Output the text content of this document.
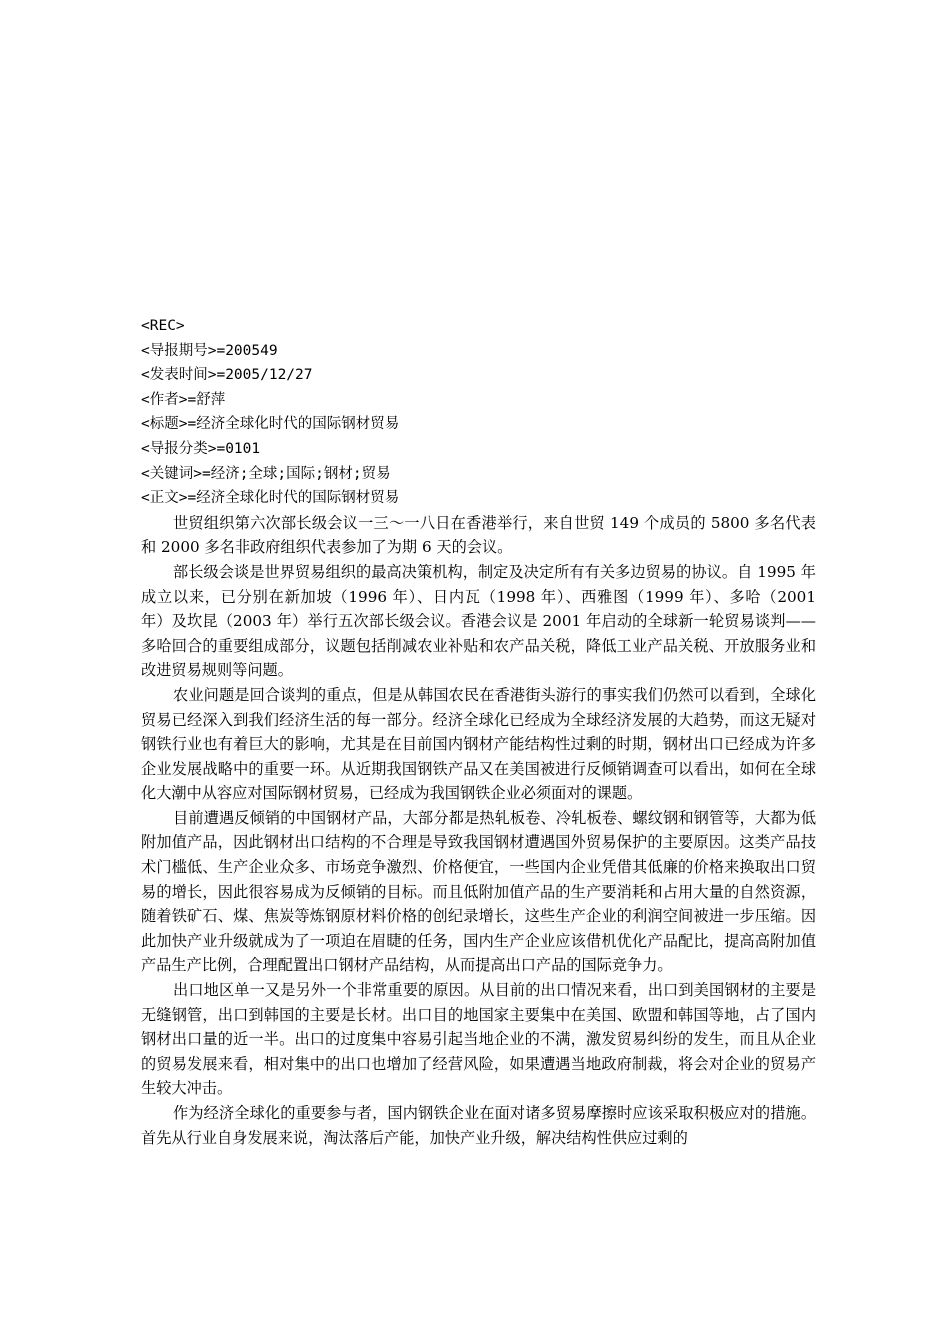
<REC>
<导报期号>=200549
<发表时间>=2005/12/27
<作者>=舒萍
<标题>=经济全球化时代的国际钢材贸易
<导报分类>=0101
<关键词>=经济;全球;国际;钢材;贸易
<正文>=经济全球化时代的国际钢材贸易

世贸组织第六次部长级会议一三～一八日在香港举行，来自世贸 149 个成员的 5800 多名代表和 2000 多名非政府组织代表参加了为期 6 天的会议。

部长级会谈是世界贸易组织的最高决策机构，制定及决定所有有关多边贸易的协议。自 1995 年成立以来，已分别在新加坡（1996 年）、日内瓦（1998 年）、西雅图（1999 年）、多哈（2001 年）及坎昆（2003 年）举行五次部长级会议。香港会议是 2001 年启动的全球新一轮贸易谈判——多哈回合的重要组成部分，议题包括削减农业补贴和农产品关税，降低工业产品关税、开放服务业和改进贸易规则等问题。

农业问题是回合谈判的重点，但是从韩国农民在香港街头游行的事实我们仍然可以看到，全球化贸易已经深入到我们经济生活的每一部分。经济全球化已经成为全球经济发展的大趋势，而这无疑对钢铁行业也有着巨大的影响，尤其是在目前国内钢材产能结构性过剩的时期，钢材出口已经成为许多企业发展战略中的重要一环。从近期我国钢铁产品又在美国被进行反倾销调查可以看出，如何在全球化大潮中从容应对国际钢材贸易，已经成为我国钢铁企业必须面对的课题。

目前遭遇反倾销的中国钢材产品，大部分都是热轧板卷、冷轧板卷、螺纹钢和钢管等，大都为低附加值产品，因此钢材出口结构的不合理是导致我国钢材遭遇国外贸易保护的主要原因。这类产品技术门槛低、生产企业众多、市场竞争激烈、价格便宜，一些国内企业凭借其低廉的价格来换取出口贸易的增长，因此很容易成为反倾销的目标。而且低附加值产品的生产要消耗和占用大量的自然资源，随着铁矿石、煤、焦炭等炼钢原材料价格的创纪录增长，这些生产企业的利润空间被进一步压缩。因此加快产业升级就成为了一项迫在眉睫的任务，国内生产企业应该借机优化产品配比，提高高附加值产品生产比例，合理配置出口钢材产品结构，从而提高出口产品的国际竞争力。

出口地区单一又是另外一个非常重要的原因。从目前的出口情况来看，出口到美国钢材的主要是无缝钢管，出口到韩国的主要是长材。出口目的地国家主要集中在美国、欧盟和韩国等地，占了国内钢材出口量的近一半。出口的过度集中容易引起当地企业的不满，激发贸易纠纷的发生，而且从企业的贸易发展来看，相对集中的出口也增加了经营风险，如果遭遇当地政府制裁，将会对企业的贸易产生较大冲击。

作为经济全球化的重要参与者，国内钢铁企业在面对诸多贸易摩擦时应该采取积极应对的措施。首先从行业自身发展来说，淘汰落后产能，加快产业升级，解决结构性供应过剩的
